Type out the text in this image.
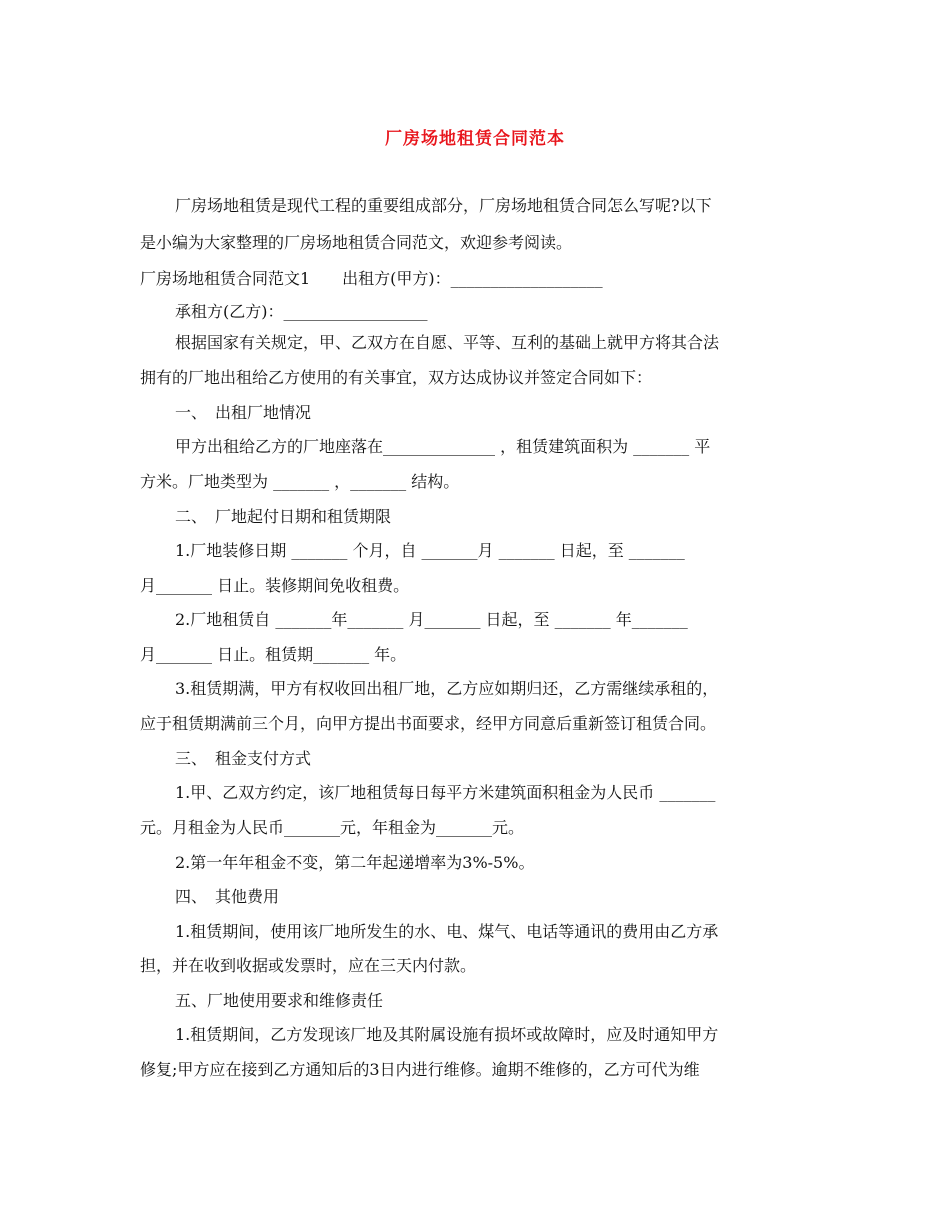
厂房场地租赁合同范本
厂房场地租赁是现代工程的重要组成部分，厂房场地租赁合同怎么写呢?以下
是小编为大家整理的厂房场地租赁合同范文，欢迎参考阅读。
厂房场地租赁合同范文1　　出租方(甲方)：___________________
承租方(乙方)：__________________
根据国家有关规定，甲、乙双方在自愿、平等、互利的基础上就甲方将其合法
拥有的厂地出租给乙方使用的有关事宜，双方达成协议并签定合同如下：
一、　出租厂地情况
甲方出租给乙方的厂地座落在______________ ，租赁建筑面积为 _______ 平
方米。厂地类型为 _______ ，_______ 结构。
二、　厂地起付日期和租赁期限
1.厂地装修日期 _______ 个月，自 _______月 _______ 日起，至 _______
月_______ 日止。装修期间免收租费。
2.厂地租赁自 _______年_______ 月_______ 日起，至 _______ 年_______
月_______ 日止。租赁期_______ 年。
3.租赁期满，甲方有权收回出租厂地，乙方应如期归还，乙方需继续承租的，
应于租赁期满前三个月，向甲方提出书面要求，经甲方同意后重新签订租赁合同。
三、　租金支付方式
1.甲、乙双方约定，该厂地租赁每日每平方米建筑面积租金为人民币 _______
元。月租金为人民币_______元，年租金为_______元。
2.第一年年租金不变，第二年起递增率为3%-5%。
四、　其他费用
1.租赁期间，使用该厂地所发生的水、电、煤气、电话等通讯的费用由乙方承
担，并在收到收据或发票时，应在三天内付款。
五、厂地使用要求和维修责任
1.租赁期间，乙方发现该厂地及其附属设施有损坏或故障时，应及时通知甲方
修复;甲方应在接到乙方通知后的3日内进行维修。逾期不维修的，乙方可代为维
